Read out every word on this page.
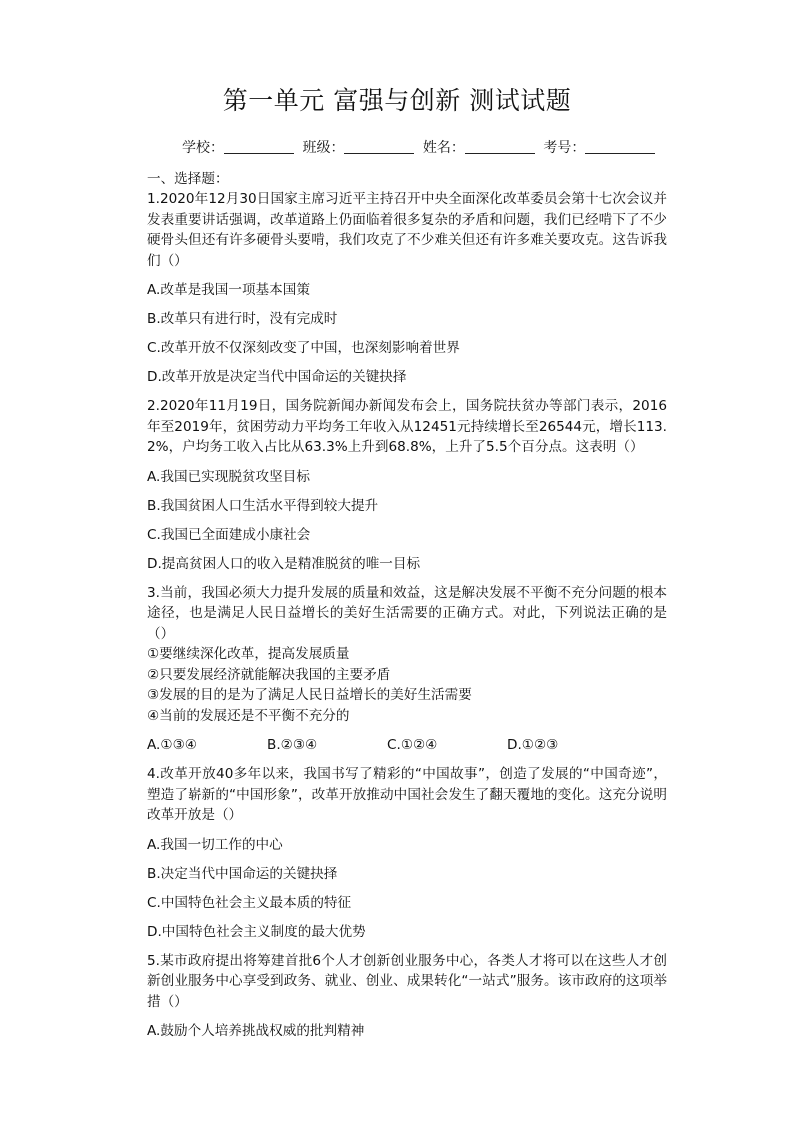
第一单元 富强与创新 测试试题
学校：	班级：	姓名：	考号：
一、选择题：

1.2020年12月30日国家主席习近平主持召开中央全面深化改革委员会第十七次会议并发表重要讲话强调，改革道路上仍面临着很多复杂的矛盾和问题，我们已经啃下了不少硬骨头但还有许多硬骨头要啃，我们攻克了不少难关但还有许多难关要攻克。这告诉我们（）

A.改革是我国一项基本国策

B.改革只有进行时，没有完成时

C.改革开放不仅深刻改变了中国，也深刻影响着世界

D.改革开放是决定当代中国命运的关键抉择

2.2020年11月19日，国务院新闻办新闻发布会上，国务院扶贫办等部门表示，2016年至2019年，贫困劳动力平均务工年收入从12451元持续增长至26544元，增长113.2%，户均务工收入占比从63.3%上升到68.8%，上升了5.5个百分点。这表明（）

A.我国已实现脱贫攻坚目标

B.我国贫困人口生活水平得到较大提升

C.我国已全面建成小康社会

D.提高贫困人口的收入是精准脱贫的唯一目标

3.当前，我国必须大力提升发展的质量和效益，这是解决发展不平衡不充分问题的根本途径，也是满足人民日益增长的美好生活需要的正确方式。对此，下列说法正确的是（）

①要继续深化改革，提高发展质量

②只要发展经济就能解决我国的主要矛盾

③发展的目的是为了满足人民日益增长的美好生活需要

④当前的发展还是不平衡不充分的

A.①③④	B.②③④	C.①②④	D.①②③

4.改革开放40多年以来，我国书写了精彩的“中国故事”，创造了发展的“中国奇迹”，塑造了崭新的“中国形象”，改革开放推动中国社会发生了翻天覆地的变化。这充分说明改革开放是（）

A.我国一切工作的中心

B.决定当代中国命运的关键抉择

C.中国特色社会主义最本质的特征

D.中国特色社会主义制度的最大优势

5.某市政府提出将筹建首批6个人才创新创业服务中心，各类人才将可以在这些人才创新创业服务中心享受到政务、就业、创业、成果转化“一站式”服务。该市政府的这项举措（）

A.鼓励个人培养挑战权威的批判精神
